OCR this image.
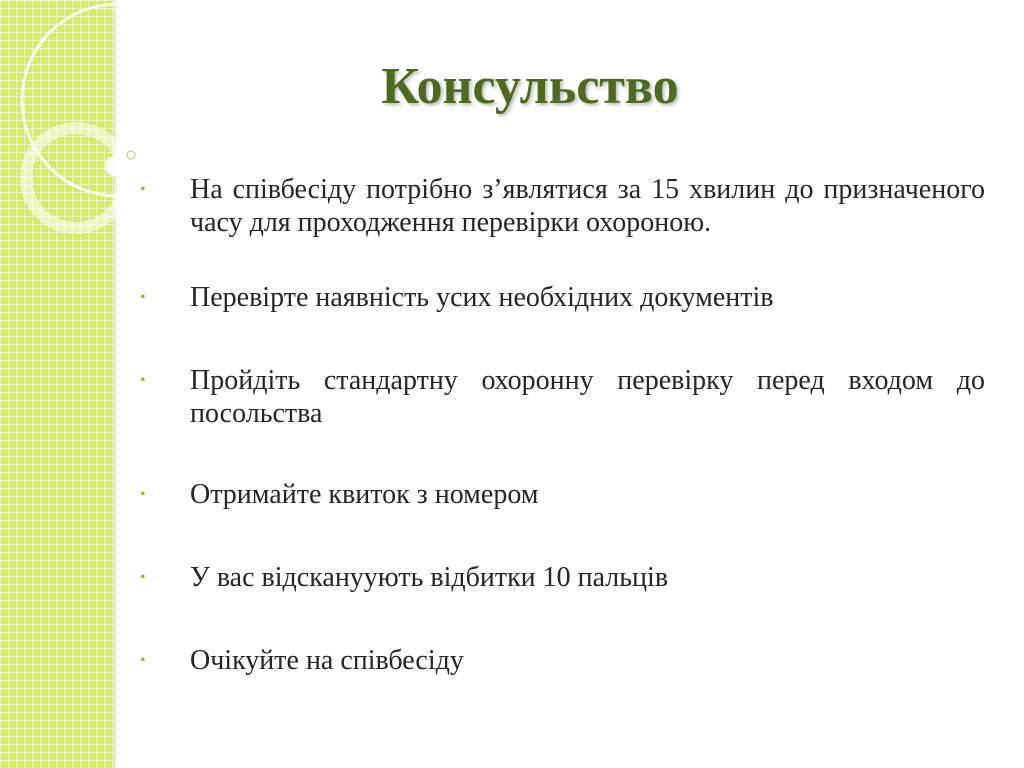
Консульство
• На співбесіду потрібно з’являтися за 15 хвилин до призначеного часу для проходження перевірки охороною.
• Перевірте наявність усих необхідних документів
• Пройдіть стандартну охоронну перевірку перед входом до посольства
• Отримайте квиток з номером
• У вас відскануують відбитки 10 пальців
• Очікуйте на співбесіду
